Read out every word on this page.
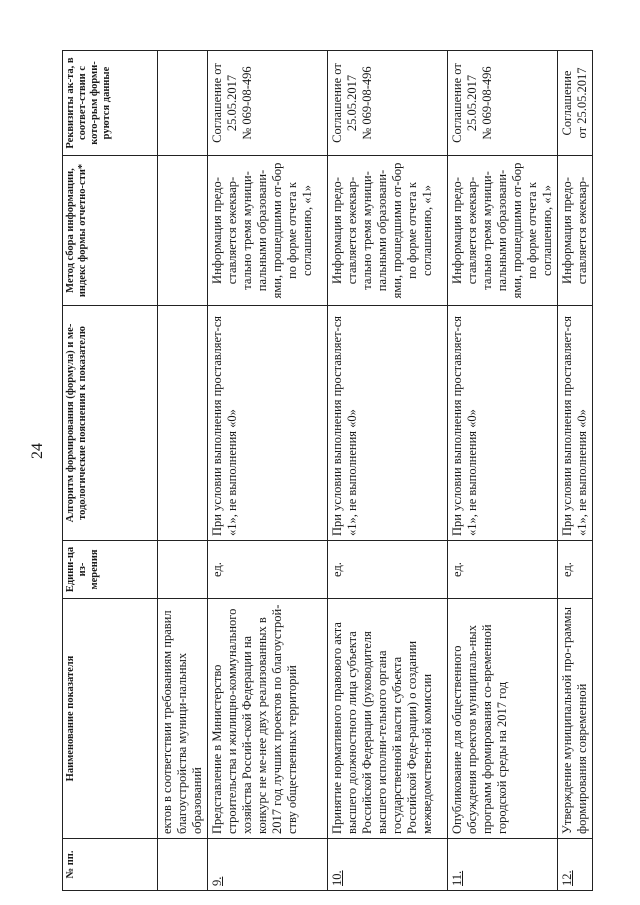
24
№ пп.	Наименование показателя	Едини-ца из-мерения	Алгоритм формирования (формула) и ме-тодологические пояснения к показателю	Метод сбора информации, индекс формы отчетно-сти*	Реквизиты ак-та, в соответ-ствии с кото-рым форми-руются данные
	ектов в соответствии требованиям правил благоустройства муници-пальных образований				

9.	Представление в Министерство строительства и жилищно-коммунального хозяйства Россий-ской Федерации на конкурс не ме-нее двух реализованных в 2017 год лучших проектов по благоустрой-ству общественных территорий	ед.	При условии выполнения проставляет-ся «1», не выполнения «0»	Информация предо-ставляется ежеквар-тально тремя муници-пальными образовани-ями, прошедшими от-бор по форме отчета к соглашению, «1»	Соглашение от 25.05.2017 № 069-08-496

10.	Принятие нормативного правового акта высшего должностного лица субъекта Российской Федерации (руководителя высшего исполни-тельного органа государственной власти субъекта Российской Феде-рации) о создании межведомствен-ной комиссии	ед.	При условии выполнения проставляет-ся «1», не выполнения «0»	Информация предо-ставляется ежеквар-тально тремя муници-пальными образовани-ями, прошедшими от-бор по форме отчета к соглашению, «1»	Соглашение от 25.05.2017 № 069-08-496

11.	Опубликование для общественного обсуждения проектов муниципаль-ных программ формирования со-временной городской среды на 2017 год	ед.	При условии выполнения проставляет-ся «1», не выполнения «0»	Информация предо-ставляется ежеквар-тально тремя муници-пальными образовани-ями, прошедшими от-бор по форме отчета к соглашению, «1»	Соглашение от 25.05.2017 № 069-08-496

12.	Утверждение муниципальной про-граммы формирования современной	ед.	При условии выполнения проставляет-ся «1», не выполнения «0»	Информация предо-ставляется ежеквар-	Соглашение от 25.05.2017
